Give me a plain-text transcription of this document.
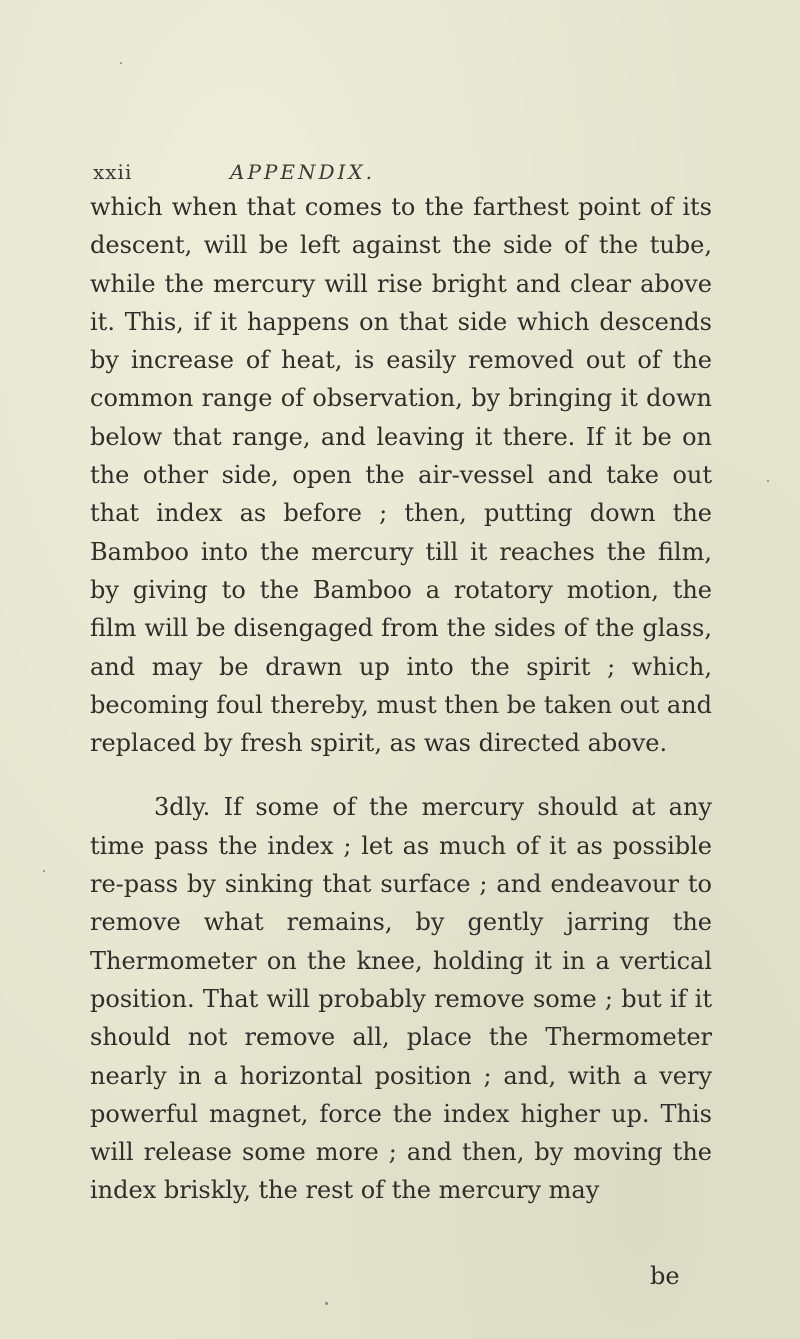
xxii	APPENDIX.

which when that comes to the farthest point of its descent, will be left against the side of the tube, while the mercury will rise bright and clear above it. This, if it happens on that side which descends by increase of heat, is easily removed out of the common range of observation, by bringing it down below that range, and leaving it there. If it be on the other side, open the air-vessel and take out that index as before ; then, putting down the Bamboo into the mercury till it reaches the film, by giving to the Bamboo a rotatory motion, the film will be disengaged from the sides of the glass, and may be drawn up into the spirit ; which, becoming foul thereby, must then be taken out and replaced by fresh spirit, as was directed above.

3dly. If some of the mercury should at any time pass the index ; let as much of it as possible re-pass by sinking that surface ; and endeavour to remove what remains, by gently jarring the Thermometer on the knee, holding it in a vertical position. That will probably remove some ; but if it should not remove all, place the Thermometer nearly in a horizontal position ; and, with a very powerful magnet, force the index higher up. This will release some more ; and then, by moving the index briskly, the rest of the mercury may

be
